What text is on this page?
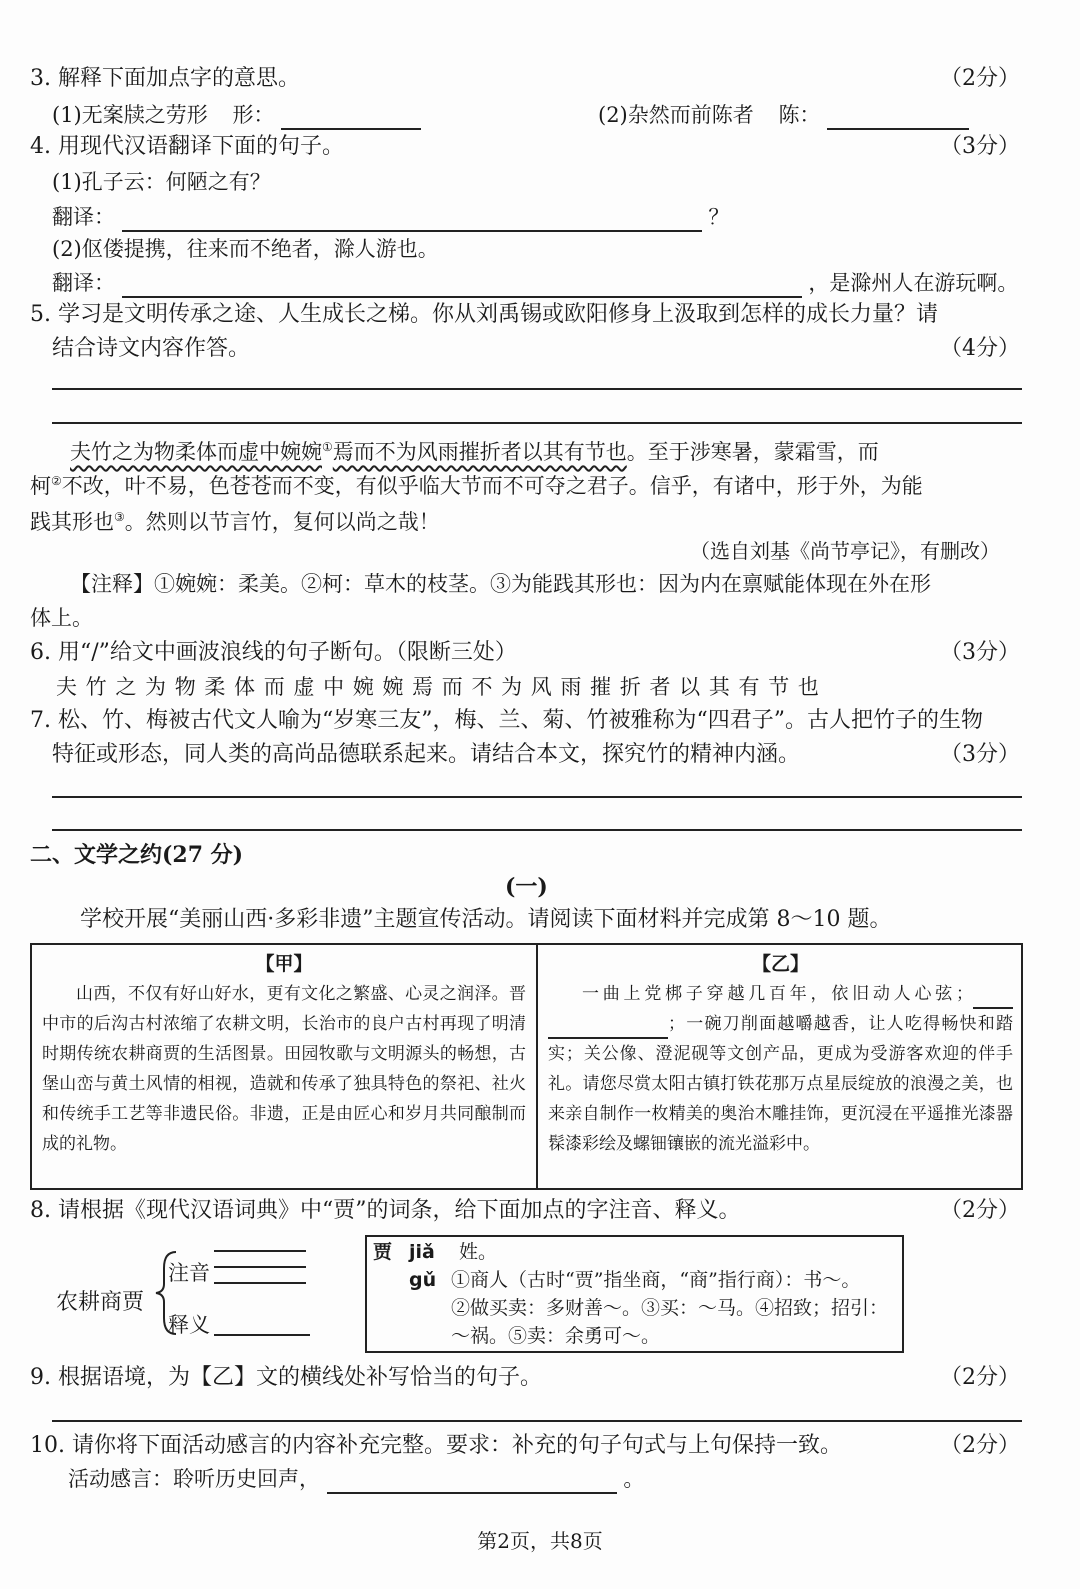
3. 解释下面加点字的意思。	（2分）
(1)无案牍之劳形 形：	(2)杂然而前陈者 陈：
4. 用现代汉语翻译下面的句子。	（3分）
(1)孔子云：何陋之有？
翻译：	？
(2)伛偻提携，往来而不绝者，滁人游也。
翻译：	，是滁州人在游玩啊。
5. 学习是文明传承之途、人生成长之梯。你从刘禹锡或欧阳修身上汲取到怎样的成长力量？请
结合诗文内容作答。	（4分）
夫竹之为物柔体而虚中婉婉①焉而不为风雨摧折者以其有节也。至于涉寒暑，蒙霜雪，而
柯②不改，叶不易，色苍苍而不变，有似乎临大节而不可夺之君子。信乎，有诸中，形于外，为能
践其形也③。然则以节言竹，复何以尚之哉！
（选自刘基《尚节亭记》，有删改）
【注释】①婉婉：柔美。②柯：草木的枝茎。③为能践其形也：因为内在禀赋能体现在外在形
体上。
6. 用“/”给文中画波浪线的句子断句。（限断三处）	（3分）
夫 竹 之 为 物 柔 体 而 虚 中 婉 婉 焉 而 不 为 风 雨 摧 折 者 以 其 有 节 也
7. 松、竹、梅被古代文人喻为“岁寒三友”，梅、兰、菊、竹被雅称为“四君子”。古人把竹子的生物
特征或形态，同人类的高尚品德联系起来。请结合本文，探究竹的精神内涵。	（3分）
二、文学之约(27 分)
(一)
学校开展“美丽山西·多彩非遗”主题宣传活动。请阅读下面材料并完成第 8～10 题。
【甲】
山西，不仅有好山好水，更有文化之繁盛、心灵之润泽。晋中市的后沟古村浓缩了农耕文明，长治市的良户古村再现了明清时期传统农耕商贾的生活图景。田园牧歌与文明源头的畅想，古堡山峦与黄土风情的相视，造就和传承了独具特色的祭祀、社火和传统手工艺等非遗民俗。非遗，正是由匠心和岁月共同酿制而成的礼物。
【乙】
一曲上党梆子穿越几百年，依旧动人心弦；；一碗刀削面越嚼越香，让人吃得畅快和踏实；关公像、澄泥砚等文创产品，更成为受游客欢迎的伴手礼。请您尽赏太阳古镇打铁花那万点星辰绽放的浪漫之美，也来亲自制作一枚精美的奥治木雕挂饰，更沉浸在平遥推光漆器髹漆彩绘及螺钿镶嵌的流光溢彩中。
8. 请根据《现代汉语词典》中“贾”的词条，给下面加点的字注音、释义。	（2分）
农耕商贾
注音
释义
贾 jiǎ 姓。
gǔ ①商人（古时“贾”指坐商，“商”指行商）：书～。
②做买卖：多财善～。③买：～马。④招致；招引：
～祸。⑤卖：余勇可～。
9. 根据语境，为【乙】文的横线处补写恰当的句子。	（2分）
10. 请你将下面活动感言的内容补充完整。要求：补充的句子句式与上句保持一致。	（2分）
活动感言：聆听历史回声，	。
第2页，共8页
